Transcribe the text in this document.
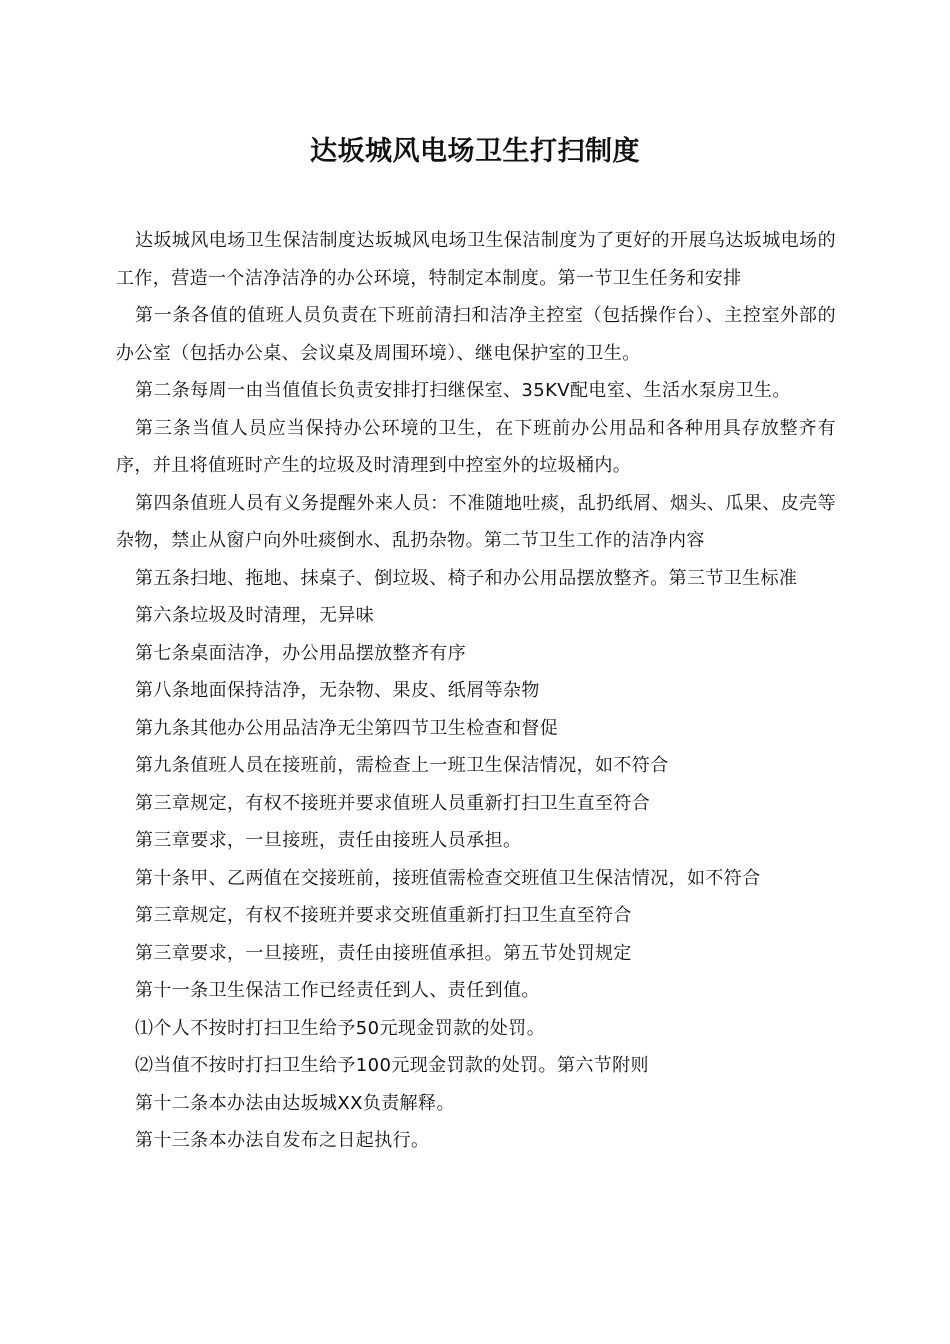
达坂城风电场卫生打扫制度

达坂城风电场卫生保洁制度达坂城风电场卫生保洁制度为了更好的开展乌达坂城电场的工作，营造一个洁净洁净的办公环境，特制定本制度。第一节卫生任务和安排

第一条各值的值班人员负责在下班前清扫和洁净主控室（包括操作台）、主控室外部的办公室（包括办公桌、会议桌及周围环境）、继电保护室的卫生。

第二条每周一由当值值长负责安排打扫继保室、35KV配电室、生活水泵房卫生。

第三条当值人员应当保持办公环境的卫生，在下班前办公用品和各种用具存放整齐有序，并且将值班时产生的垃圾及时清理到中控室外的垃圾桶内。

第四条值班人员有义务提醒外来人员：不准随地吐痰，乱扔纸屑、烟头、瓜果、皮壳等杂物，禁止从窗户向外吐痰倒水、乱扔杂物。第二节卫生工作的洁净内容

第五条扫地、拖地、抹桌子、倒垃圾、椅子和办公用品摆放整齐。第三节卫生标准

第六条垃圾及时清理，无异味

第七条桌面洁净，办公用品摆放整齐有序

第八条地面保持洁净，无杂物、果皮、纸屑等杂物

第九条其他办公用品洁净无尘第四节卫生检查和督促

第九条值班人员在接班前，需检查上一班卫生保洁情况，如不符合

第三章规定，有权不接班并要求值班人员重新打扫卫生直至符合

第三章要求，一旦接班，责任由接班人员承担。

第十条甲、乙两值在交接班前，接班值需检查交班值卫生保洁情况，如不符合

第三章规定，有权不接班并要求交班值重新打扫卫生直至符合

第三章要求，一旦接班，责任由接班值承担。第五节处罚规定

第十一条卫生保洁工作已经责任到人、责任到值。

⑴个人不按时打扫卫生给予50元现金罚款的处罚。

⑵当值不按时打扫卫生给予100元现金罚款的处罚。第六节附则

第十二条本办法由达坂城XX负责解释。

第十三条本办法自发布之日起执行。
